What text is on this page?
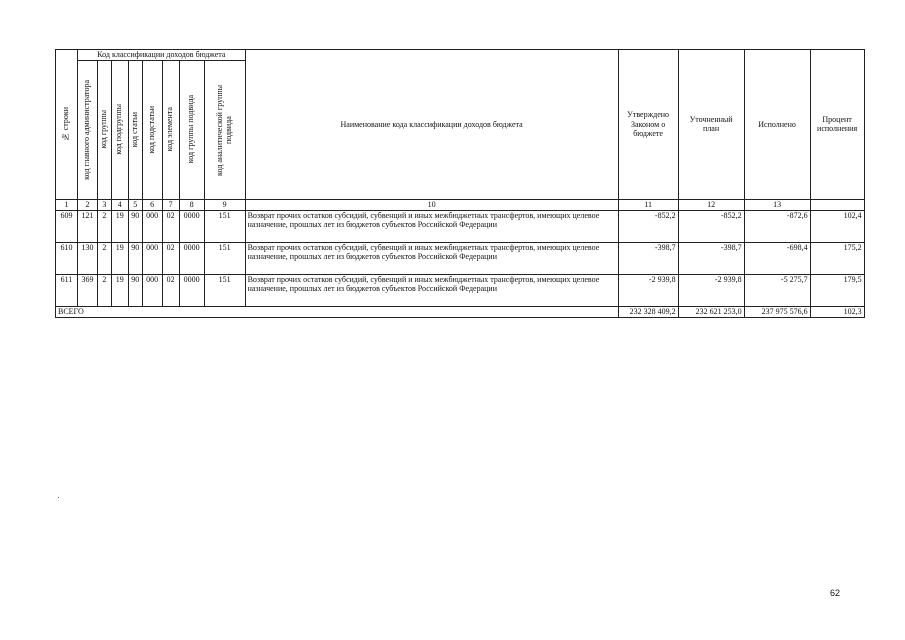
№ строки	Код классификации доходов бюджета								Наименование кода классификации доходов бюджета	Утверждено Законом о бюджете	Уточненный план	Исполнено	Процент исполнения

	код главного администратора	код группы	код подгруппы	код статьи	код подстатьи	код элемента	код группы подвида	код аналитической группы подвида					

1	2	3	4	5	6	7	8	9	10	11	12	13	
609	121	2	19	90	000	02	0000	151	Возврат прочих остатков субсидий, субвенций и иных межбюджетных трансфертов, имеющих целевое назначение, прошлых лет из бюджетов субъектов Российской Федерации	-852,2	-852,2	-872,6	102,4
610	130	2	19	90	000	02	0000	151	Возврат прочих остатков субсидий, субвенций и иных межбюджетных трансфертов, имеющих целевое назначение, прошлых лет из бюджетов субъектов Российской Федерации	-398,7	-398,7	-698,4	175,2
611	369	2	19	90	000	02	0000	151	Возврат прочих остатков субсидий, субвенций и иных межбюджетных трансфертов, имеющих целевое назначение, прошлых лет из бюджетов субъектов Российской Федерации	-2 939,8	-2 939,8	-5 275,7	179,5
ВСЕГО										232 328 409,2	232 621 253,0	237 975 576,6	102,3
62
